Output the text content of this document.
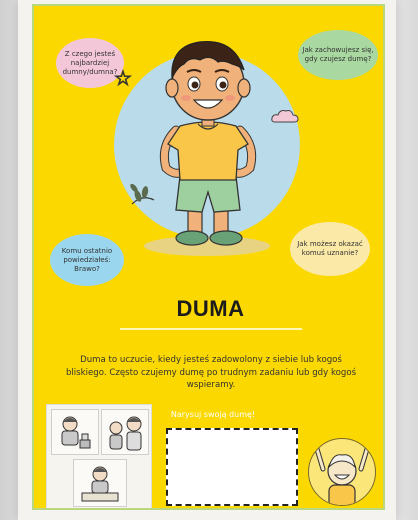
Z czego jesteś najbardziej dumny/dumna?
☆
Jak zachowujesz się, gdy czujesz dumę?
Komu ostatnio powiedziałeś: Brawo?
Jak możesz okazać komuś uznanie?
DUMA
Duma to uczucie, kiedy jesteś zadowolony z siebie lub kogoś bliskiego. Często czujemy dumę po trudnym zadaniu lub gdy kogoś wspieramy.
Narysuj swoją dumę!
